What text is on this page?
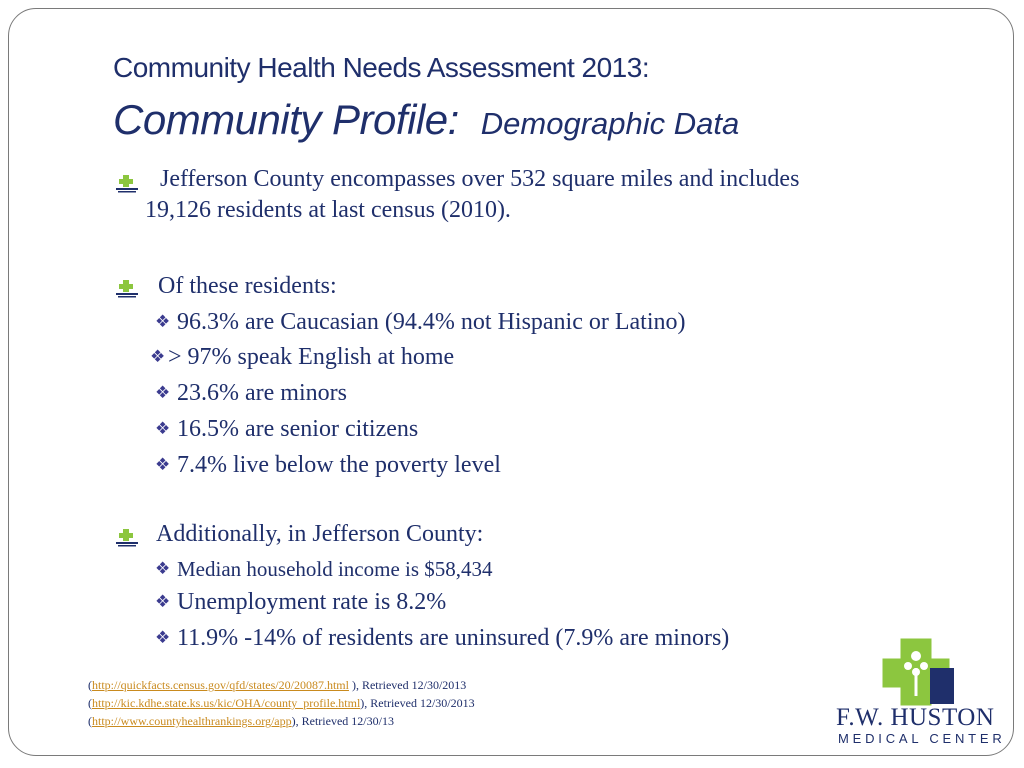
Community Health Needs Assessment 2013:
Community Profile: Demographic Data
Jefferson County encompasses over 532 square miles and includes
19,126 residents at last census (2010).
Of these residents:
❖ 96.3% are Caucasian (94.4% not Hispanic or Latino)
❖ > 97% speak English at home
❖ 23.6% are minors
❖ 16.5% are senior citizens
❖ 7.4% live below the poverty level
Additionally, in Jefferson County:
❖ Median household income is $58,434
❖ Unemployment rate is 8.2%
❖ 11.9% -14% of residents are uninsured (7.9% are minors)
(http://quickfacts.census.gov/qfd/states/20/20087.html ), Retrieved 12/30/2013
(http://kic.kdhe.state.ks.us/kic/OHA/county_profile.html), Retrieved 12/30/2013
(http://www.countyhealthrankings.org/app), Retrieved 12/30/13	F.W. HUSTON
MEDICAL CENTER
